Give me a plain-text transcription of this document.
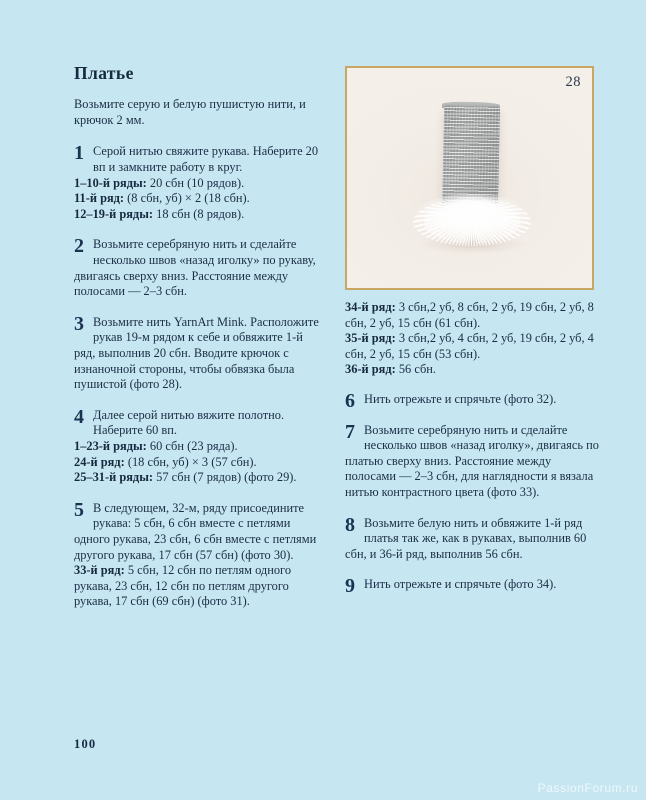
28
Платье
Возьмите серую и белую пушистую нити, и крючок 2 мм.
1 Серой нитью свяжите рукава. Наберите 20 вп и замкните работу в круг.
1–10-й ряды: 20 сбн (10 рядов).
11-й ряд: (8 сбн, уб) × 2 (18 сбн).
12–19-й ряды: 18 сбн (8 рядов).
2 Возьмите серебряную нить и сделайте несколько швов «назад иголку» по рукаву, двигаясь сверху вниз. Расстояние между полосами — 2–3 сбн.
3 Возьмите нить YarnArt Mink. Расположите рукав 19-м рядом к себе и обвяжите 1-й ряд, выполнив 20 сбн. Вводите крючок с изнаночной стороны, чтобы обвязка была пушистой (фото 28).
4 Далее серой нитью вяжите полотно. Наберите 60 вп.
1–23-й ряды: 60 сбн (23 ряда).
24-й ряд: (18 сбн, уб) × 3 (57 сбн).
25–31-й ряды: 57 сбн (7 рядов) (фото 29).
5 В следующем, 32-м, ряду присоедините рукава: 5 сбн, 6 сбн вместе с петлями одного рукава, 23 сбн, 6 сбн вместе с петлями другого рукава, 17 сбн (57 сбн) (фото 30).
33-й ряд: 5 сбн, 12 сбн по петлям одного рукава, 23 сбн, 12 сбн по петлям другого рукава, 17 сбн (69 сбн) (фото 31).
34-й ряд: 3 сбн,2 уб, 8 сбн, 2 уб, 19 сбн, 2 уб, 8 сбн, 2 уб, 15 сбн (61 сбн).
35-й ряд: 3 сбн,2 уб, 4 сбн, 2 уб, 19 сбн, 2 уб, 4 сбн, 2 уб, 15 сбн (53 сбн).
36-й ряд: 56 сбн.
6 Нить отрежьте и спрячьте (фото 32).
7 Возьмите серебряную нить и сделайте несколько швов «назад иголку», двигаясь по платью сверху вниз. Расстояние между полосами — 2–3 сбн, для наглядности я вязала нитью контрастного цвета (фото 33).
8 Возьмите белую нить и обвяжите 1-й ряд платья так же, как в рукавах, выполнив 60 сбн, и 36-й ряд, выполнив 56 сбн.
9 Нить отрежьте и спрячьте (фото 34).
100
PassionForum.ru
